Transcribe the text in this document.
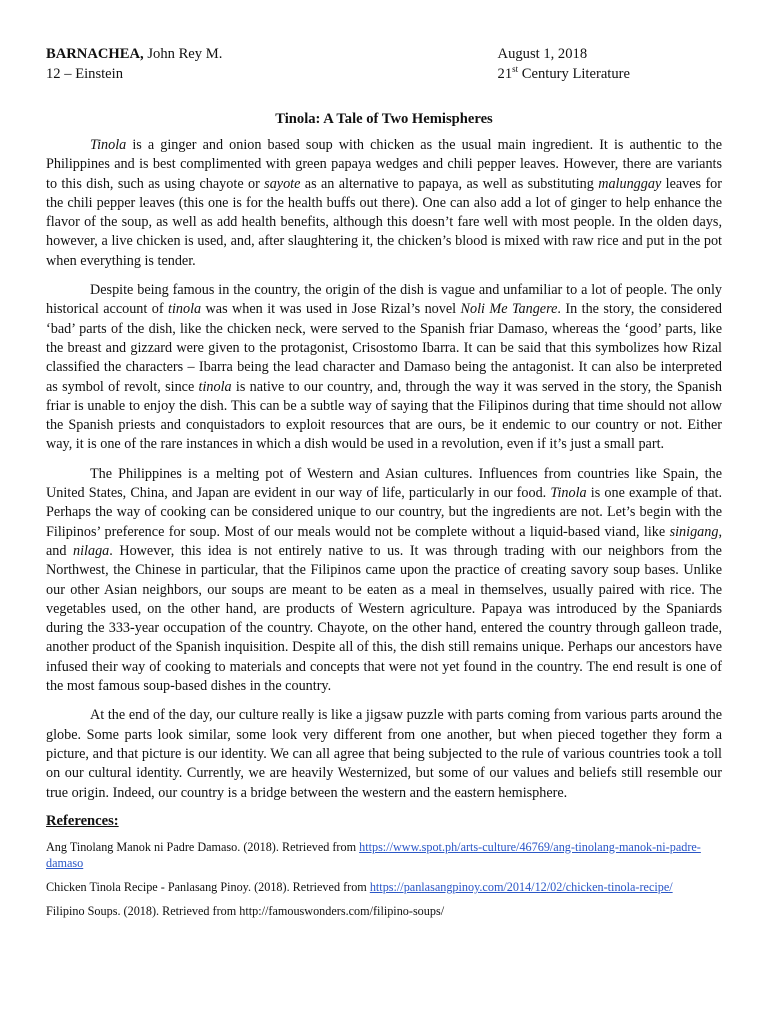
BARNACHEA, John Rey M.
12 – Einstein
August 1, 2018
21st Century Literature
Tinola: A Tale of Two Hemispheres

Tinola is a ginger and onion based soup with chicken as the usual main ingredient. It is authentic to the Philippines and is best complimented with green papaya wedges and chili pepper leaves. However, there are variants to this dish, such as using chayote or sayote as an alternative to papaya, as well as substituting malunggay leaves for the chili pepper leaves (this one is for the health buffs out there). One can also add a lot of ginger to help enhance the flavor of the soup, as well as add health benefits, although this doesn’t fare well with most people. In the olden days, however, a live chicken is used, and, after slaughtering it, the chicken’s blood is mixed with raw rice and put in the pot when everything is tender.

Despite being famous in the country, the origin of the dish is vague and unfamiliar to a lot of people. The only historical account of tinola was when it was used in Jose Rizal’s novel Noli Me Tangere. In the story, the considered ‘bad’ parts of the dish, like the chicken neck, were served to the Spanish friar Damaso, whereas the ‘good’ parts, like the breast and gizzard were given to the protagonist, Crisostomo Ibarra. It can be said that this symbolizes how Rizal classified the characters – Ibarra being the lead character and Damaso being the antagonist. It can also be interpreted as symbol of revolt, since tinola is native to our country, and, through the way it was served in the story, the Spanish friar is unable to enjoy the dish. This can be a subtle way of saying that the Filipinos during that time should not allow the Spanish priests and conquistadors to exploit resources that are ours, be it endemic to our country or not. Either way, it is one of the rare instances in which a dish would be used in a revolution, even if it’s just a small part.

The Philippines is a melting pot of Western and Asian cultures. Influences from countries like Spain, the United States, China, and Japan are evident in our way of life, particularly in our food. Tinola is one example of that. Perhaps the way of cooking can be considered unique to our country, but the ingredients are not. Let’s begin with the Filipinos’ preference for soup. Most of our meals would not be complete without a liquid-based viand, like sinigang, and nilaga. However, this idea is not entirely native to us. It was through trading with our neighbors from the Northwest, the Chinese in particular, that the Filipinos came upon the practice of creating savory soup bases. Unlike our other Asian neighbors, our soups are meant to be eaten as a meal in themselves, usually paired with rice. The vegetables used, on the other hand, are products of Western agriculture. Papaya was introduced by the Spaniards during the 333-year occupation of the country. Chayote, on the other hand, entered the country through galleon trade, another product of the Spanish inquisition. Despite all of this, the dish still remains unique. Perhaps our ancestors have infused their way of cooking to materials and concepts that were not yet found in the country. The end result is one of the most famous soup-based dishes in the country.

At the end of the day, our culture really is like a jigsaw puzzle with parts coming from various parts around the globe. Some parts look similar, some look very different from one another, but when pieced together they form a picture, and that picture is our identity. We can all agree that being subjected to the rule of various countries took a toll on our cultural identity. Currently, we are heavily Westernized, but some of our values and beliefs still resemble our true origin. Indeed, our country is a bridge between the western and the eastern hemisphere.

References:

Ang Tinolang Manok ni Padre Damaso. (2018). Retrieved from https://www.spot.ph/arts-culture/46769/ang-tinolang-manok-ni-padre-damaso

Chicken Tinola Recipe - Panlasang Pinoy. (2018). Retrieved from https://panlasangpinoy.com/2014/12/02/chicken-tinola-recipe/

Filipino Soups. (2018). Retrieved from http://famouswonders.com/filipino-soups/
